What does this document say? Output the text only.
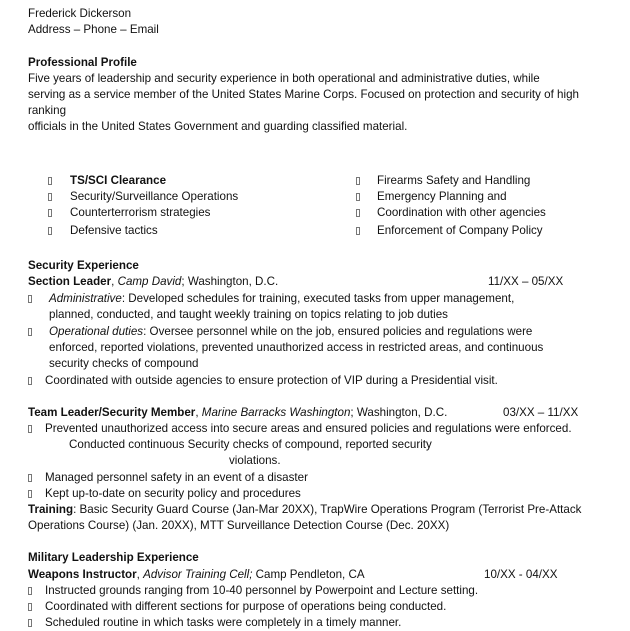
Frederick Dickerson
Address – Phone – Email
Professional Profile
Five years of leadership and security experience in both operational and administrative duties, while
serving as a service member of the United States Marine Corps. Focused on protection and security of high
ranking
officials in the United States Government and guarding classified material.
TS/SCI Clearance
Security/Surveillance Operations
Counterterrorism strategies
Defensive tactics
Firearms Safety and Handling
Emergency Planning and
Coordination with other agencies
Enforcement of Company Policy
Security Experience
Section Leader, Camp David; Washington, D.C.	11/XX – 05/XX
Administrative: Developed schedules for training, executed tasks from upper management,
planned, conducted, and taught weekly training on topics relating to job duties
Operational duties: Oversee personnel while on the job, ensured policies and regulations were
enforced, reported violations, prevented unauthorized access in restricted areas, and continuous
security checks of compound
Coordinated with outside agencies to ensure protection of VIP during a Presidential visit.
Team Leader/Security Member, Marine Barracks Washington; Washington, D.C.	03/XX – 11/XX
Prevented unauthorized access into secure areas and ensured policies and regulations were enforced.
Conducted continuous Security checks of compound, reported security
violations.
Managed personnel safety in an event of a disaster
Kept up-to-date on security policy and procedures
Training: Basic Security Guard Course (Jan-Mar 20XX), TrapWire Operations Program (Terrorist Pre-Attack
Operations Course) (Jan. 20XX), MTT Surveillance Detection Course (Dec. 20XX)
Military Leadership Experience
Weapons Instructor, Advisor Training Cell; Camp Pendleton, CA	10/XX - 04/XX
Instructed grounds ranging from 10-40 personnel by Powerpoint and Lecture setting.
Coordinated with different sections for purpose of operations being conducted.
Scheduled routine in which tasks were completely in a timely manner.
